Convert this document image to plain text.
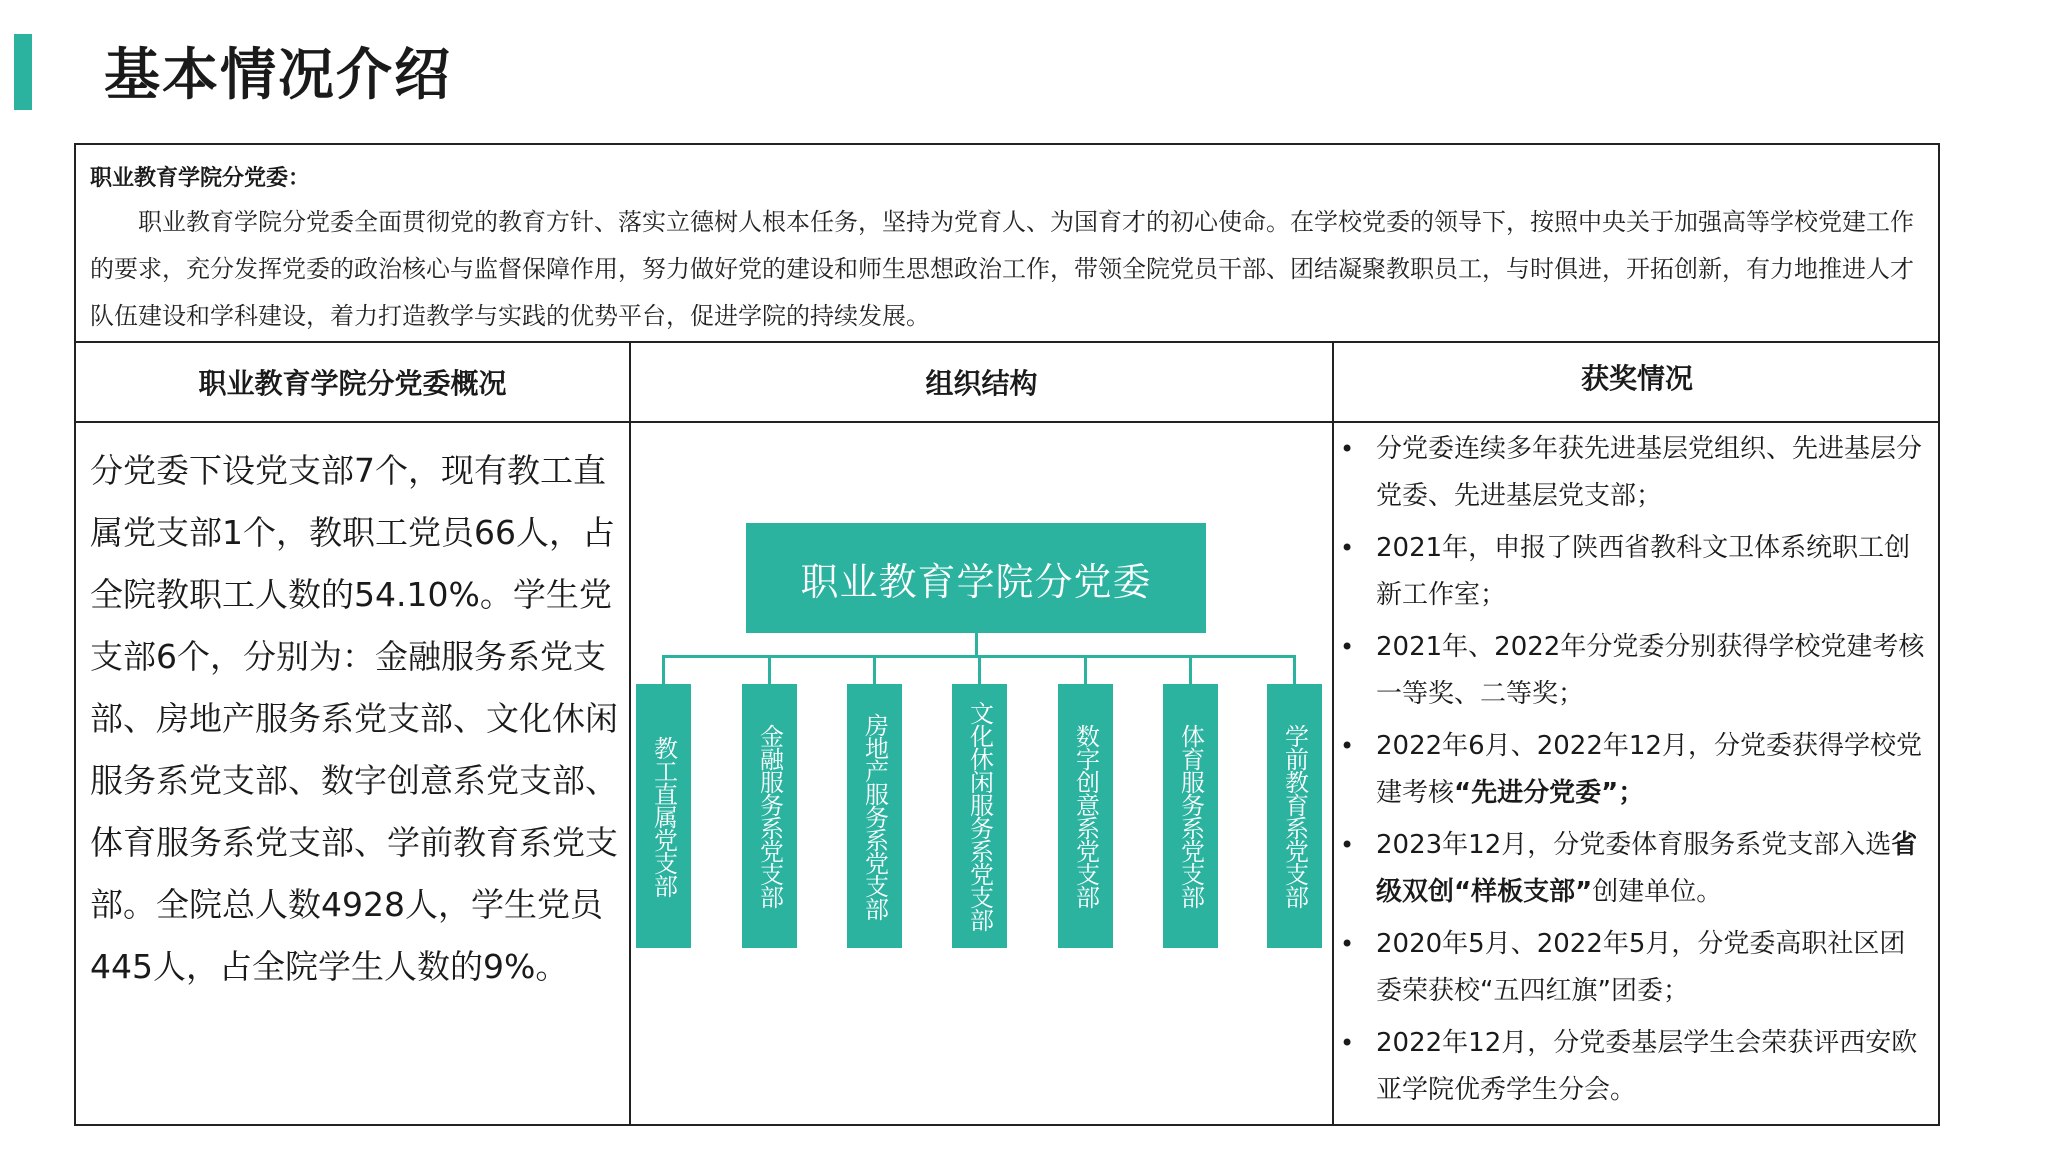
基本情况介绍
职业教育学院分党委：
职业教育学院分党委全面贯彻党的教育方针、落实立德树人根本任务，坚持为党育人、为国育才的初心使命。在学校党委的领导下，按照中央关于加强高等学校党建工作的要求，充分发挥党委的政治核心与监督保障作用，努力做好党的建设和师生思想政治工作，带领全院党员干部、团结凝聚教职员工，与时俱进，开拓创新，有力地推进人才队伍建设和学科建设，着力打造教学与实践的优势平台，促进学院的持续发展。
职业教育学院分党委概况	组织结构	获奖情况
分党委下设党支部7个，现有教工直属党支部1个，教职工党员66人，占全院教职工人数的54.10%。学生党支部6个，分别为：金融服务系党支部、房地产服务系党支部、文化休闲服务系党支部、数字创意系党支部、体育服务系党支部、学前教育系党支部。全院总人数4928人，学生党员445人，占全院学生人数的9%。
职业教育学院分党委
教工直属党支部	金融服务系党支部	房地产服务系党支部	文化休闲服务系党支部	数字创意系党支部	体育服务系党支部	学前教育系党支部
• 分党委连续多年获先进基层党组织、先进基层分党委、先进基层党支部；
• 2021年，申报了陕西省教科文卫体系统职工创新工作室；
• 2021年、2022年分党委分别获得学校党建考核一等奖、二等奖；
• 2022年6月、2022年12月，分党委获得学校党建考核“先进分党委”；
• 2023年12月，分党委体育服务系党支部入选省级双创“样板支部”创建单位。
• 2020年5月、2022年5月，分党委高职社区团委荣获校“五四红旗”团委；
• 2022年12月，分党委基层学生会荣获评西安欧亚学院优秀学生分会。
